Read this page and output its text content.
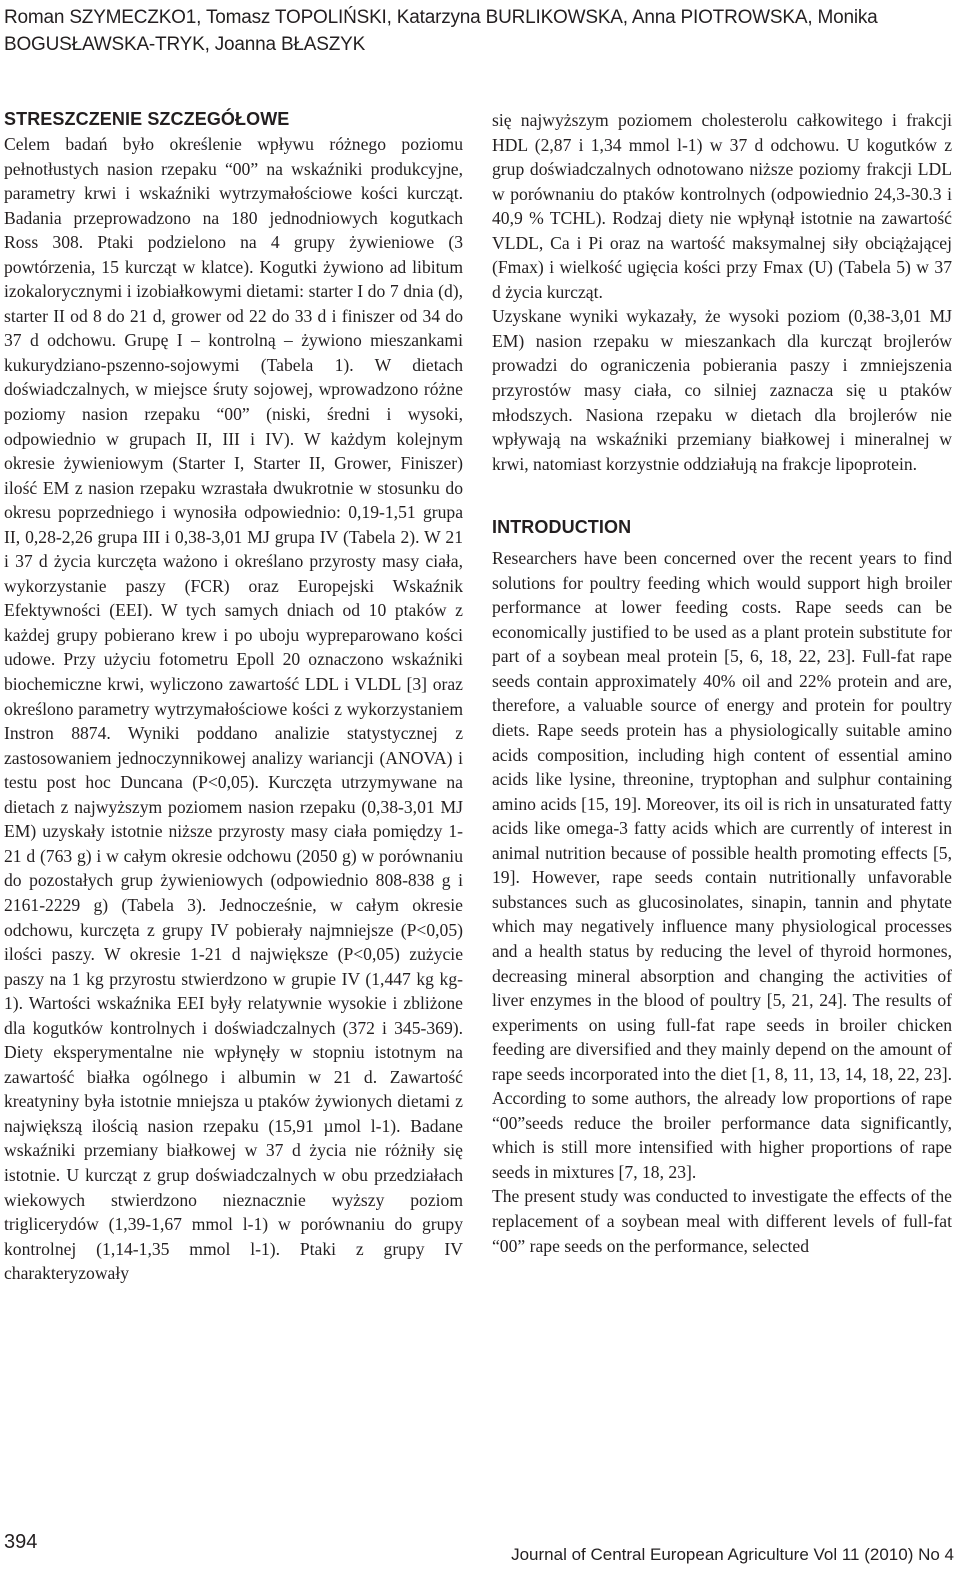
Roman SZYMECZKO1, Tomasz TOPOLIŃSKI, Katarzyna BURLIKOWSKA, Anna PIOTROWSKA, Monika BOGUSŁAWSKA-TRYK, Joanna BŁASZYK
STRESZCZENIE SZCZEGÓŁOWE

Celem badań było określenie wpływu różnego poziomu pełnotłustych nasion rzepaku “00” na wskaźniki produkcyjne, parametry krwi i wskaźniki wytrzymałościowe kości kurcząt. Badania przeprowadzono na 180 jednodniowych kogutkach Ross 308. Ptaki podzielono na 4 grupy żywieniowe (3 powtórzenia, 15 kurcząt w klatce). Kogutki żywiono ad libitum izokalorycznymi i izobiałkowymi dietami: starter I do 7 dnia (d), starter II od 8 do 21 d, grower od 22 do 33 d i finiszer od 34 do 37 d odchowu. Grupę I – kontrolną – żywiono mieszankami kukurydziano-pszenno-sojowymi (Tabela 1). W dietach doświadczalnych, w miejsce śruty sojowej, wprowadzono różne poziomy nasion rzepaku “00” (niski, średni i wysoki, odpowiednio w grupach II, III i IV). W każdym kolejnym okresie żywieniowym (Starter I, Starter II, Grower, Finiszer) ilość EM z nasion rzepaku wzrastała dwukrotnie w stosunku do okresu poprzedniego i wynosiła odpowiednio: 0,19-1,51 grupa II, 0,28-2,26 grupa III i 0,38-3,01 MJ grupa IV (Tabela 2). W 21 i 37 d życia kurczęta ważono i określano przyrosty masy ciała, wykorzystanie paszy (FCR) oraz Europejski Wskaźnik Efektywności (EEI). W tych samych dniach od 10 ptaków z każdej grupy pobierano krew i po uboju wypreparowano kości udowe. Przy użyciu fotometru Epoll 20 oznaczono wskaźniki biochemiczne krwi, wyliczono zawartość LDL i VLDL [3] oraz określono parametry wytrzymałościowe kości z wykorzystaniem Instron 8874. Wyniki poddano analizie statystycznej z zastosowaniem jednoczynnikowej analizy wariancji (ANOVA) i testu post hoc Duncana (P<0,05). Kurczęta utrzymywane na dietach z najwyższym poziomem nasion rzepaku (0,38-3,01 MJ EM) uzyskały istotnie niższe przyrosty masy ciała pomiędzy 1-21 d (763 g) i w całym okresie odchowu (2050 g) w porównaniu do pozostałych grup żywieniowych (odpowiednio 808-838 g i 2161-2229 g) (Tabela 3). Jednocześnie, w całym okresie odchowu, kurczęta z grupy IV pobierały najmniejsze (P<0,05) ilości paszy. W okresie 1-21 d największe (P<0,05) zużycie paszy na 1 kg przyrostu stwierdzono w grupie IV (1,447 kg kg-1). Wartości wskaźnika EEI były relatywnie wysokie i zbliżone dla kogutków kontrolnych i doświadczalnych (372 i 345-369). Diety eksperymentalne nie wpłynęły w stopniu istotnym na zawartość białka ogólnego i albumin w 21 d. Zawartość kreatyniny była istotnie mniejsza u ptaków żywionych dietami z największą ilością nasion rzepaku (15,91 µmol l-1). Badane wskaźniki przemiany białkowej w 37 d życia nie różniły się istotnie. U kurcząt z grup doświadczalnych w obu przedziałach wiekowych stwierdzono nieznacznie wyższy poziom triglicerydów (1,39-1,67 mmol l-1) w porównaniu do grupy kontrolnej (1,14-1,35 mmol l-1). Ptaki z grupy IV charakteryzowały

się najwyższym poziomem cholesterolu całkowitego i frakcji HDL (2,87 i 1,34 mmol l-1) w 37 d odchowu. U kogutków z grup doświadczalnych odnotowano niższe poziomy frakcji LDL w porównaniu do ptaków kontrolnych (odpowiednio 24,3-30.3 i 40,9 % TCHL). Rodzaj diety nie wpłynął istotnie na zawartość VLDL, Ca i Pi oraz na wartość maksymalnej siły obciążającej (Fmax) i wielkość ugięcia kości przy Fmax (U) (Tabela 5) w 37 d życia kurcząt.

Uzyskane wyniki wykazały, że wysoki poziom (0,38-3,01 MJ EM) nasion rzepaku w mieszankach dla kurcząt brojlerów prowadzi do ograniczenia pobierania paszy i zmniejszenia przyrostów masy ciała, co silniej zaznacza się u ptaków młodszych. Nasiona rzepaku w dietach dla brojlerów nie wpływają na wskaźniki przemiany białkowej i mineralnej w krwi, natomiast korzystnie oddziałują na frakcje lipoprotein.

INTRODUCTION

Researchers have been concerned over the recent years to find solutions for poultry feeding which would support high broiler performance at lower feeding costs. Rape seeds can be economically justified to be used as a plant protein substitute for part of a soybean meal protein [5, 6, 18, 22, 23]. Full-fat rape seeds contain approximately 40% oil and 22% protein and are, therefore, a valuable source of energy and protein for poultry diets. Rape seeds protein has a physiologically suitable amino acids composition, including high content of essential amino acids like lysine, threonine, tryptophan and sulphur containing amino acids [15, 19]. Moreover, its oil is rich in unsaturated fatty acids like omega-3 fatty acids which are currently of interest in animal nutrition because of possible health promoting effects [5, 19]. However, rape seeds contain nutritionally unfavorable substances such as glucosinolates, sinapin, tannin and phytate which may negatively influence many physiological processes and a health status by reducing the level of thyroid hormones, decreasing mineral absorption and changing the activities of liver enzymes in the blood of poultry [5, 21, 24]. The results of experiments on using full-fat rape seeds in broiler chicken feeding are diversified and they mainly depend on the amount of rape seeds incorporated into the diet [1, 8, 11, 13, 14, 18, 22, 23]. According to some authors, the already low proportions of rape “00”seeds reduce the broiler performance data significantly, which is still more intensified with higher proportions of rape seeds in mixtures [7, 18, 23].

The present study was conducted to investigate the effects of the replacement of a soybean meal with different levels of full-fat “00” rape seeds on the performance, selected

394
Journal of Central European Agriculture Vol 11 (2010) No 4
